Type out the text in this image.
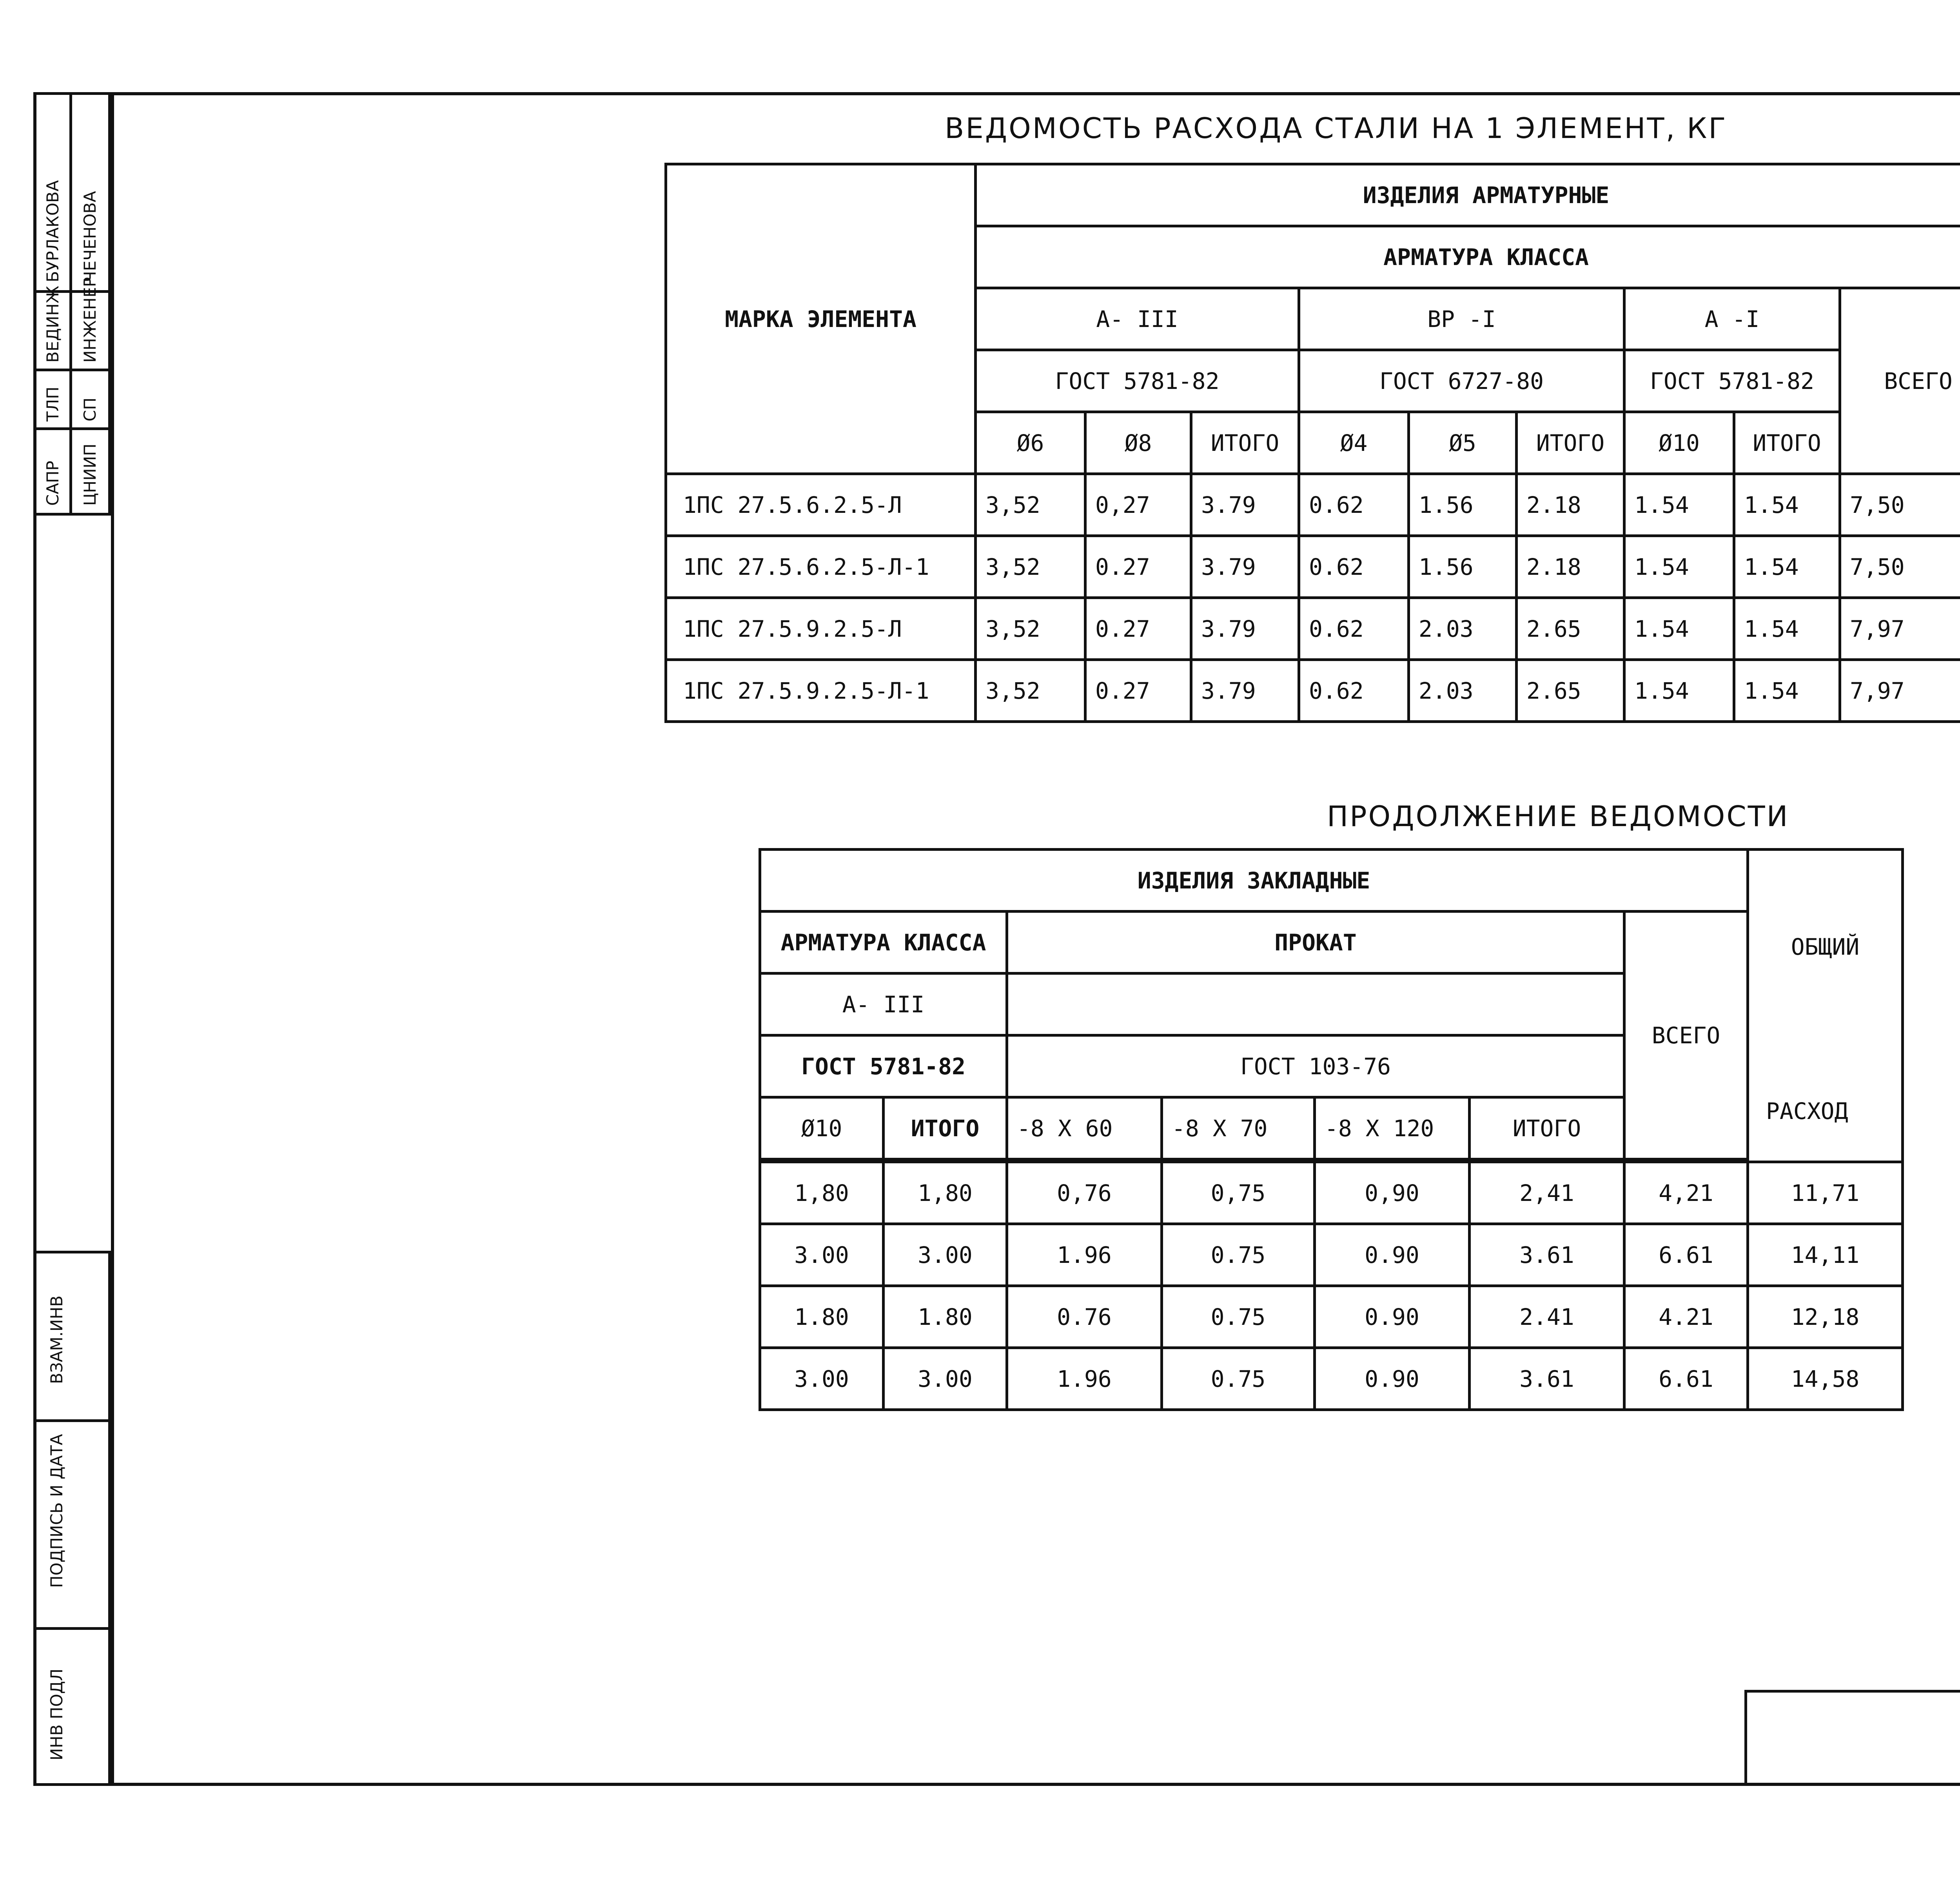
САПР
ТЛП
ВЕДИНЖ
БУРЛАКОВА
ЦНИИП
СП
ИНЖЕНЕР
ЧЕЧЕНОВА
ВЗАМ.ИНВ
ПОДПИСЬ И ДАТА
ИНВ ПОДЛ
ВЕДОМОСТЬ РАСХОДА СТАЛИ НА 1 ЭЛЕМЕНТ, КГ
МАРКА ЭЛЕМЕНТА	ИЗДЕЛИЯ АРМАТУРНЫЕ								
	АРМАТУРА КЛАССА								
	А- III			ВР -I			А -I		ВСЕГО
	ГОСТ 5781-82			ГОСТ 6727-80			ГОСТ 5781-82		
	Ø6	Ø8	ИТОГО	Ø4	Ø5	ИТОГО	Ø10	ИТОГО	
1ПС 27.5.6.2.5-Л	3,52	0,27	3.79	0.62	1.56	2.18	1.54	1.54	7,50
1ПС 27.5.6.2.5-Л-1	3,52	0.27	3.79	0.62	1.56	2.18	1.54	1.54	7,50
1ПС 27.5.9.2.5-Л	3,52	0.27	3.79	0.62	2.03	2.65	1.54	1.54	7,97
1ПС 27.5.9.2.5-Л-1	3,52	0.27	3.79	0.62	2.03	2.65	1.54	1.54	7,97
ПРОДОЛЖЕНИЕ ВЕДОМОСТИ
ИЗДЕЛИЯ ЗАКЛАДНЫЕ							ОБЩИЙ

АРМАТУРА КЛАССА		ПРОКАТ				ВСЕГО	
А- III							
ГОСТ 5781-82		ГОСТ 103-76					
Ø10	ИТОГО	-8 X 60	-8 X 70	-8 X 120	ИТОГО		

1,80	1,80	0,76	0,75	0,90	2,41	4,21	11,71
3.00	3.00	1.96	0.75	0.90	3.61	6.61	14,11
1.80	1.80	0.76	0.75	0.90	2.41	4.21	12,18
3.00	3.00	1.96	0.75	0.90	3.61	6.61	14,58
РАСХОД
